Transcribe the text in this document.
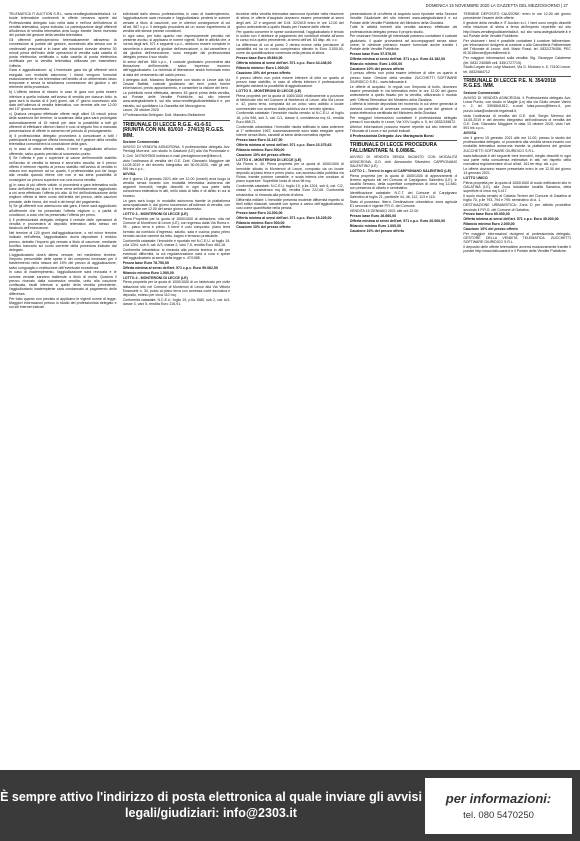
DOMENICA 15 NOVEMBRE 2020 LA GAZZETTA DEL MEZZOGIORNO | 27

TELEMATICA IT AUCTION S.R.L. www.venditegiudiziarieitalia.it. Le buste telematiche contenenti le offerte verranno aperte dal Professionista delegato solo nella data e nell'ora dell'udienza di vendita telematica, sopra indicata; La partecipazione degli offerenti all'udienza di vendita telematica avrà luogo tramite l'area riservata del portale del gestore della vendita telematica.

Gli offerenti parteciperanno telematicamente attraverso la connessione al portale del gestore, accedendo alla stessa con le credenziali personali e in base alle istruzioni ricevute almeno 30 minuti prima dell'inizio delle operazioni di vendita sulla casella di posta elettronica certificata o sulla casella di posta elettronica certificata per la vendita telematica utilizzata per trasmettere l'offerta.

Gara e aggiudicazione: a) L'eventuale gara tra gli offerenti verrà eseguita con modalità asincrona; i rilanci vengono formulati esclusivamente in via telematica nell'ambito di un determinato lasso temporale e senza la simultanea connessione del giudice o del referente della procedura.

b) L'offerta minima di rilancio in caso di gara non potrà essere inferiore a quella indicata nell'avviso di vendita per ciascun lotto; la gara avrà la durata di 6 (sei) giorni, dal 4° giorno successivo alla data dell'udienza di vendita telematica, con termine alle ore 12:00 del 10° giorno successivo.

c) Qualora vengano effettuate offerte negli ultimi 15 minuti prima della scadenza del termine, la scadenza della gara sarà prolungata automaticamente di 15 minuti per dare la possibilità a tutti gli offerenti di effettuare ulteriori rilanci e così di seguito fino a mancata presentazione di offerte in aumento nel periodo di prolungamento.

d) Il professionista delegato provvederà a comunicare a tutti i partecipanti la maggiore offerta formulata, ed il gestore della vendita telematica comunicherà la conclusione della gara.

e) In caso di unica offerta valida, il bene è aggiudicato all'unico offerente, salvo quanto previsto al successivo punto.

f) Se l'offerta è pari o superiore al valore dell'immobile stabilito nell'avviso di vendita la stessa è senz'altro accolta; se il prezzo offerto è inferiore rispetto al prezzo stabilito nell'avviso di vendita in misura non superiore ad un quarto, il professionista può far luogo alla vendita quando ritiene che non vi sia seria possibilità di conseguire un prezzo superiore con una nuova vendita.

g) In caso di più offerte valide, si procederà a gara telematica sulla base dell'offerta più alta e il bene verrà definitivamente aggiudicato a chi avrà effettuato l'offerta più alta. Ai fini dell'individuazione della migliore offerta si tiene conto dell'entità del prezzo, delle cauzioni prestate, delle forme, dei modi e dei tempi del pagamento.

h) Se gli offerenti non aderiscono alla gara, il bene sarà aggiudicato all'offerente che ha presentato l'offerta migliore o, a parità di condizioni, a colui che ha presentato l'offerta per primo.

i) Il professionista delegato redigerà il verbale delle operazioni di vendita e provvederà al deposito telematico dello stesso nel fascicolo dell'esecuzione.

Nel termine di 120 giorni dall'aggiudicazione, o nel minor termine indicato nell'offerta, l'aggiudicatario dovrà depositare il residuo prezzo, detratto l'importo già versato a titolo di cauzione, mediante bonifico bancario sul conto corrente della procedura indicato dal delegato.

L'aggiudicatario dovrà altresì versare, nel medesimo termine, l'importo presumibile delle spese e dei compensi necessari per il trasferimento nella misura del 15% del prezzo di aggiudicazione, salvo conguaglio o restituzione dell'eventuale eccedenza.

In caso di inadempimento, l'aggiudicazione sarà revocata e le somme versate saranno trattenute a titolo di multa. Qualora il prezzo ricavato dalla successiva vendita, unito alla cauzione confiscata, risulti inferiore a quello della vendita precedente, l'aggiudicatario inadempiente sarà condannato al pagamento della differenza.

Per tutto quanto non previsto si applicano le vigenti norme di legge. Maggiori informazioni presso lo studio del professionista delegato e sui siti internet indicati.

individuati dallo stesso professionista; in caso di inadempimento, l'aggiudicazione sarà revocata e l'aggiudicatario perderà le somme versate a titolo di cauzione, con le ulteriori conseguenze di cui all'art. 587 c.p.c. Il delegato procederà ad un nuovo esperimento di vendita alle stesse precise condizioni.

In ogni caso, per tutto quanto non espressamente previsto nel presente avviso, si applicano le norme vigenti. Tutte le attività che, a norma degli artt. 571 e seguenti c.p.c., debbono essere compiute in cancelleria o davanti al giudice dell'esecuzione, o dal cancelliere o dal giudice dell'esecuzione, sono eseguite dal professionista delegato presso il suo studio.

Ai sensi dell'art. 560 c.p.c., il custode giudiziario provvederà alla liberazione dell'immobile, salvo espresso esonero dell'aggiudicatario. La richiesta di liberazione andrà formulata entro la data del versamento del saldo prezzo.

Il delegato dott. Massimo Bellantone con studio in Lecce alla Via Cesare Battisti, custode giudiziario dei beni, potrà fornire informazioni, previo appuntamento, e consentire la visione dei beni.

La pubblicità verrà effettuata, almeno 45 giorni prima della vendita, sul Portale delle Vendite Pubbliche, sul sito internet www.astegiudiziarie.it, sul sito www.venditegiudiziarieitalia.it e, per estratto, sul quotidiano La Gazzetta del Mezzogiorno.

Lecce, 28 ottobre 2020

Il Professionista Delegato: Dott. Massimo Bellantone

TRIBUNALE DI LECCE R.G.E. 41-6-51 (RIUNITA CON NN. 81/010 - 274/13) R.G.ES. IMM.

Sezione Commerciale

AVVISO DI VENDITA ASINCRONA. Il professionista delegato Avv. Pierluigi Morrone, con studio in Galatone (LE) alla Via Provinciale n. 6, Cell. 347/3097805 indirizzo e-mail pierluigimorrone@libero.it,

visto l'ordinanza di vendita del G.E. Dott. Giancarlo Maggiore del 14.05.2019 e del decreto integrativo del 30.09.2020, visti gli artt. 591 bis c.p.c.,

AVVISA

che il giorno 15 gennaio 2021 alle ore 12.00 (lunedì) avrà luogo la vendita senza incanto con modalità telematica asincrona dei seguenti immobili, meglio descritti in ogni sua parte nella consulenza estimativa in atti, nello stato di fatto e di diritto in cui si trovano.

La gara avrà luogo in modalità asincrona tramite la piattaforma www.spazioaste.it, dal giorno successivo all'udienza di vendita, con termine alle ore 12.00 del sesto giorno successivo.

LOTTO 3 - MONTERONI DI LECCE (LE)

Piena Proprietà per la quota di 1000/1000 di abitazione, sita nel Comune di Monteroni di Lecce (LE), con ingresso dalla Via Roma n. 95 - piano terra e primo. Il bene è così composto: piano terra formato da corridoio d'ingresso, salotto, sala e cucina; piano primo formato da due camere da letto, bagno e terrazzo praticabile.

Conformità catastale: l'immobile è riportato nel N.C.E.U. al foglio 19, p.lla 1204, sub 5, cat. A/3, classe 2, vani 7,5, rendita Euro 484,18.

Conformità urbanistica: si rimanda alla perizia tecnica in atti per eventuali difformità, la cui regolarizzazione sarà a cura e spese dell'aggiudicatario ai sensi della legge n. 47/1985.

Prezzo base Euro 78.750,00

Offerta minima ai sensi dell'art. 571 c.p.c. Euro 59.062,50

Rilancio minimo Euro 1.500,00

LOTTO 4 - MONTERONI DI LECCE (LE)

Piena proprietà per la quota di 1000/1000 di un fabbricato per civile abitazione sito nel Comune di Monteroni di Lecce alla Via Vittorio Emanuele n. 34, posto al piano terra con annessa corte esclusiva e deposito, esteso per circa 110 mq.

Conformità catastale: N.C.E.U. foglio 19, p.lla 1580, sub 2, cat. A/4, classe 3, vani 5, rendita Euro 216,91.

tecniche della vendita telematica asincrona riportate nella relazione di stima; le offerte d'acquisto dovranno essere presentate ai sensi degli artt. 12 e seguenti del D.M. 32/2015 entro le ore 12.00 del giorno antecedente a quello fissato per l'esame delle offerte.

Per quanto concerne le spese condominiali, l'aggiudicatario è tenuto in solido con il debitore al pagamento dei contributi relativi all'anno in corso ed a quello precedente, ai sensi dell'art. 63 disp. att. c.c.

La differenza di cui al punto 2 rientra invece nella previsione di sanabilità ed ha un costo complessivo stimato in Euro 3.000,00, come da quantificazione contenuta nella perizia di stima.

Prezzo base Euro 45.664,00

Offerta minima ai sensi dell'art. 571 c.p.c. Euro 34.248,00

Rilancio minimo: Euro 1.000,00

Cauzione 10% del prezzo offerto

Il prezzo offerto non potrà essere inferiore di oltre un quarto al prezzo base stabilito; in caso di offerta inferiore il professionista delegato valuterà la possibilità di aggiudicazione.

LOTTO 5 - MONTERONI DI LECCE (LE)

Piena proprietà per la quota di 1000/1000 relativamente a porzione di fabbricato sito nel Comune di Monteroni di Lecce, alla Via Lecce n. 42, piano terra, composta da un unico vano adibito a locale commerciale con accesso dalla pubblica via e servizio igienico.

Conformità catastale: l'immobile risulta censito al N.C.E.U. al foglio 18, p.lla 946, sub 3, cat. C/1, classe 4, consistenza mq 41, rendita Euro 658,71.

Conformità urbanistica: l'immobile risulta edificato in data anteriore al 1° settembre 1967; successivamente sono state eseguite opere interne senza titolo, sanabili ai sensi della normativa vigente.

Prezzo base Euro 31.167,50

Offerta minima ai sensi dell'art. 571 c.p.c. Euro 23.375,63

Rilancio minimo Euro 500,00

Cauzione 10% del prezzo offerto

LOTTO 6 - MONTERONI DI LECCE (LE)

Via Roma n. 40. Piena proprietà per la quota di 1000/1000 di immobile situato in Monteroni di Lecce, composto da un locale deposito al piano terra e primo piano, con accesso dalla pubblica via Roma, tramite portone carrabile, e scala interna che conduce al piano superiore. Superficie lorda di circa 96 mq.

Conformità catastale: N.C.E.U. foglio 19, p.lla 1204, sub 6, cat. C/2, classe 3, consistenza mq 86, rendita Euro 222,08. Conformità urbanistica: si rimanda alla perizia di stima.

Difformità edilizie: L'immobile presenta modeste difformità rispetto ai titoli edilizi rilasciati, sanabili con spese a carico dell'aggiudicatario, così come quantificate nella perizia.

Prezzo base Euro 24.300,00

Offerta minima ai sensi dell'art. 571 c.p.c. Euro 18.225,00

Rilancio minimo Euro 500,00

Cauzione 10% del prezzo offerto

presentazione di un'offerta di acquisto sono riportate nella Sezione Vendite Giudiziarie del sito internet www.astegiudiziarie.it e sul Portale delle Vendite Pubbliche del Ministero della Giustizia.

Tutte le attività inerenti alla vendita saranno effettuate dal professionista delegato presso il proprio studio.

Per visionare l'immobile gli interessati potranno contattare il custode giudiziario, il quale provvederà ad accompagnarli senza alcun onere; le richieste potranno essere formulate anche tramite il Portale delle Vendite Pubbliche.

Prezzo base Euro 57.576,00

Offerta minima ai sensi dell'art. 571 c.p.c. Euro 43.182,00

Rilancio minimo: Euro 1.000,00

Cauzione 10% del prezzo offerto

Il prezzo offerto non potrà essere inferiore di oltre un quarto al prezzo base. Gestore della vendita: ZUCCHETTI SOFTWARE GIURIDICO S.R.L. www.fallcoaste.it

Le offerte di acquisto, in regola con l'imposta di bollo, dovranno essere presentate in via telematica entro le ore 12.00 del giorno antecedente a quello fissato per la vendita, utilizzando il modulo web 'Offerta Telematica' del Ministero della Giustizia.

L'offerta si intende depositata nel momento in cui viene generata la ricevuta completa di avvenuta consegna da parte del gestore di posta elettronica certificata del Ministero della Giustizia.

Per maggiori informazioni contattare il professionista delegato presso il suo studio in Lecce, Via XXV Luglio n. 5, tel. 0832/245672.

Ulteriori informazioni possono essere reperite sul sito internet del Tribunale di Lecce e sui portali indicati.

Il Professionista Delegato: Avv. Mariagrazia Bonsi

TRIBUNALE DI LECCE PROCEDURA FALLIMENTARE N. 6.0/86/E.

AVVISO DI VENDITA SENZA INCANTO CON MODALITÀ ASINCRONA. G.D. dott. Alessandro Silvestrini. CARPIGNANO SALENTINO (LE)

LOTTO 1 - Terreni in agro di CARPIGNANO SALENTINO (LE)

Piena proprietà per la quota di 1000/1000 di appezzamenti di terreno agricolo siti nel Comune di Carpignano Salentino (LE), in località Serrano, della superficie complessiva di circa mq 12.840, con presenza di uliveto e seminativo.

Identificazione catastale: N.C.T. del Comune di Carpignano Salentino al foglio 21, particelle 44, 46, 112, 113 e 118.

Stato di possesso: libero. Destinazione urbanistica: zona agricola E1 secondo il vigente P.R.G. del Comune.

VENDITA 15 GENNAIO 2021 alle ore 12.00

Prezzo base Euro 26.660,00

Offerta minima ai sensi dell'art. 571 c.p.c. Euro 20.000,00

Rilancio minimo Euro 1.000,00

Cauzione 10% del prezzo offerto

TERMINE DEPOSITO CAUZIONE: entro le ore 12.00 del giorno precedente l'esame delle offerte.

Il gestore della vendita è IT Auction s.r.l. I beni sono meglio descritti nella relazione di stima a firma dell'esperto reperibile sul sito http://www.venditegiudiziarieitalia.it, sul sito www.astegiudiziarie.it e sul Portale delle Vendite Pubbliche.

Per visionare i beni è possibile contattare il curatore fallimentare; per informazioni rivolgersi al curatore o alla Cancelleria Fallimentare del Tribunale di Lecce, dott. Mario Rossi, tel. 0832/276456, PEC f6.2018lecce@pecfallimenti.it.

Per maggiori informazioni sulla vendita: Sig. Giuseppe Calabrese (tel. 0832 240585 cell. 335/1727719).

Studio Legale Avv. Luigi Mazzoni, Via G. Moriano n. 5, 73100 Lecce, tel. 0832/684712

TRIBUNALE DI LECCE P.E. N. 354/2018 R.G.ES. IMM.

Sezione Commerciale

AVVISO DI VENDITA ASINCRONA. Il Professionista delegato Avv. Luisa Punzo, con studio in Maglie (Le) alla via Giulio cesare Vanini n. 2, tel. 339/8841812, e-mail luisa.punzo@libero.it, pec punzo.luisa@ordavvle.legalmail.it,

vista l'ordinanza di vendita del G.E. dott. Sergio Memmo del 14.05.2019 e del decreto integrativo dell'ordinanza di vendita del G.E. Dott. Giancarlo Maggiore in data 13 ottobre 2020; visto l'art. 591 bis c.p.c.,

AVVISA

che il giorno 15 gennaio 2021 alle ore 11.00, presso lo studio del professionista delegato, si procederà alla vendita senza incanto con modalità telematica asincrona tramite la piattaforma del gestore ZUCCHETTI SOFTWARE GIURIDICO S.R.L.

www.fallcoaste.it dei seguenti beni immobili, meglio descritti in ogni sua parte nella consulenza estimativa in atti, nel rispetto della normativa regolamentare di cui all'art. 161 ter disp. att. c.p.c.

Le offerte dovranno essere presentate entro le ore 12.00 del giorno 14 gennaio 2021.

LOTTO UNICO

Piena proprietà per la quota di 1000/1000 di suolo edificatorio sito in GALATINA (LE), alla Zona Industriale località Sanarica, della superficie di circa mq 3.417.

Il suolo risulta censito al Catasto Terreni del Comune di Galatina al foglio 70, p.lle 793, 794 e 795; seminativo di cl. 1.

DESTINAZIONE URBANISTICA: Zona D per attività produttive secondo il P.R.G. del Comune di Galatina.

Prezzo base Euro 60.000,00

Offerta minima ai sensi dell'art. 571 c.p.c. Euro 45.000,00

Rilancio minimo Euro 2.000,00

Cauzione 10% del prezzo offerto

Per maggiori informazioni rivolgersi al professionista delegato, GESTORE DELLA VENDITA TELEMATICA: ZUCCHETTI SOFTWARE GIURIDICO S.R.L.

Il deposito delle offerte telematiche avverrà esclusivamente tramite il portale http://www.fallcoaste.it e il Portale delle Vendite Pubbliche.

È sempre attivo l'indirizzo di posta elettronica al quale inviare gli avvisi legali/giudiziari: info@2303.it
per informazioni:
tel. 080 5470250
